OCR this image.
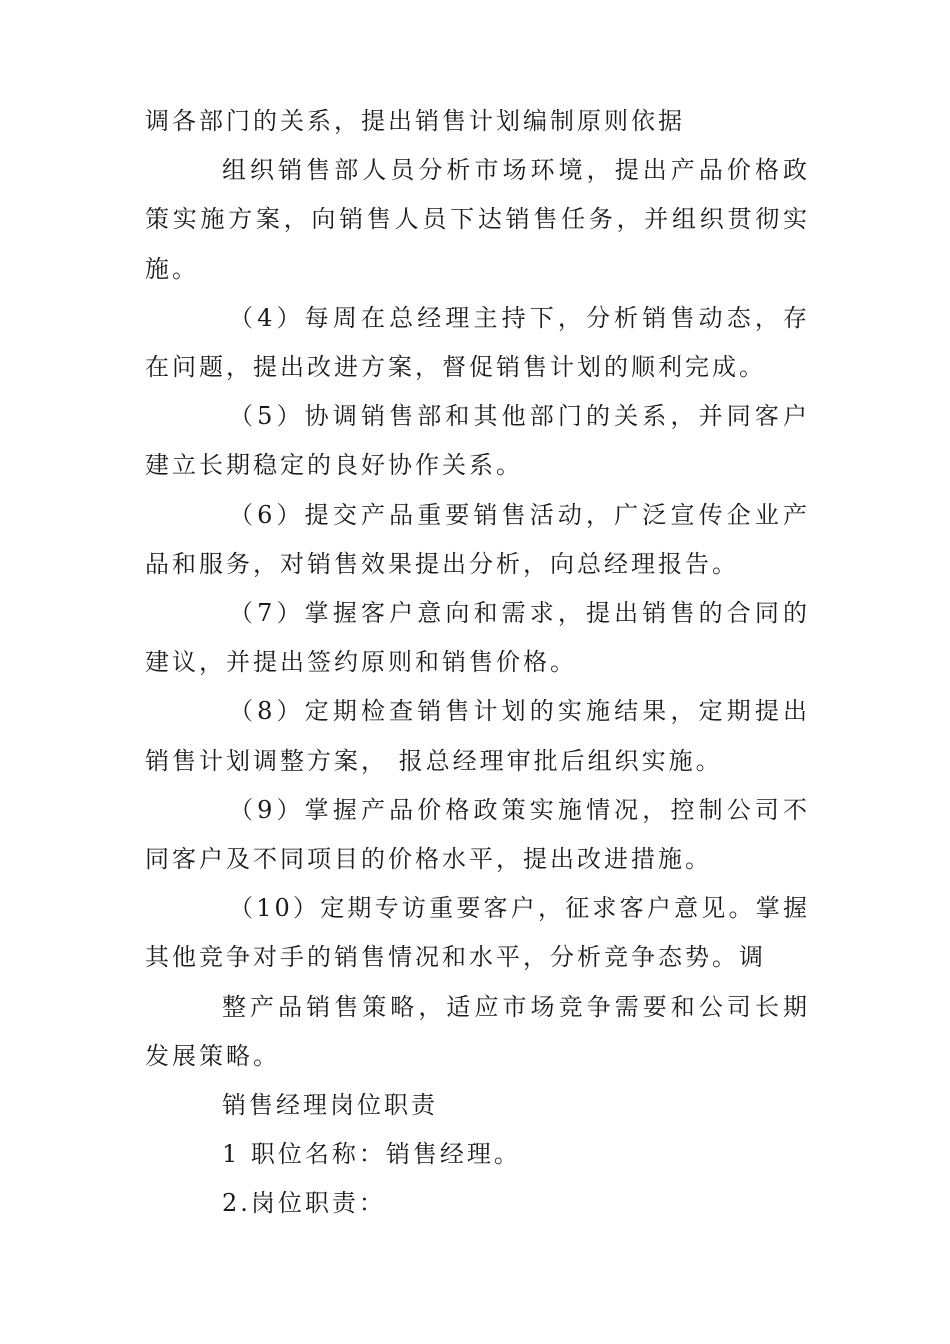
调各部门的关系，提出销售计划编制原则依据

组织销售部人员分析市场环境，提出产品价格政策实施方案，向销售人员下达销售任务，并组织贯彻实施。

（4）每周在总经理主持下，分析销售动态，存在问题，提出改进方案，督促销售计划的顺利完成。

（5）协调销售部和其他部门的关系，并同客户建立长期稳定的良好协作关系。

（6）提交产品重要销售活动，广泛宣传企业产品和服务，对销售效果提出分析，向总经理报告。

（7）掌握客户意向和需求，提出销售的合同的建议，并提出签约原则和销售价格。

（8）定期检查销售计划的实施结果，定期提出销售计划调整方案， 报总经理审批后组织实施。

（9）掌握产品价格政策实施情况，控制公司不同客户及不同项目的价格水平，提出改进措施。

（10）定期专访重要客户，征求客户意见。掌握其他竞争对手的销售情况和水平，分析竞争态势。调

整产品销售策略，适应市场竞争需要和公司长期发展策略。

销售经理岗位职责

1 职位名称：销售经理。

2.岗位职责：
